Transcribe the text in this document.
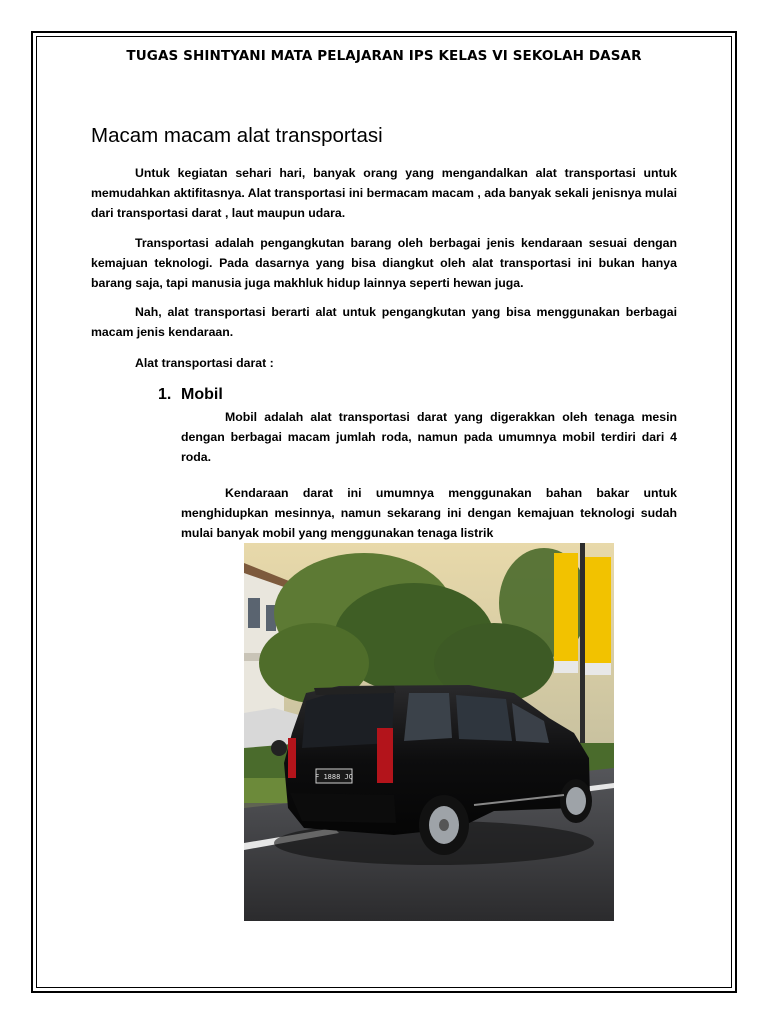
TUGAS SHINTYANI MATA PELAJARAN IPS KELAS VI SEKOLAH DASAR
Macam macam alat transportasi

Untuk kegiatan sehari hari, banyak orang yang mengandalkan alat transportasi untuk memudahkan aktifitasnya. Alat transportasi ini bermacam macam , ada banyak sekali jenisnya mulai dari transportasi darat , laut maupun udara.

Transportasi adalah pengangkutan barang oleh berbagai jenis kendaraan sesuai dengan kemajuan teknologi. Pada dasarnya yang bisa diangkut oleh alat transportasi ini bukan hanya barang saja, tapi manusia juga makhluk hidup lainnya seperti hewan juga.

Nah, alat transportasi berarti alat untuk pengangkutan yang bisa menggunakan berbagai macam jenis kendaraan.

Alat transportasi darat :

1. Mobil

Mobil adalah alat transportasi darat yang digerakkan oleh tenaga mesin dengan berbagai macam jumlah roda, namun pada umumnya mobil terdiri dari 4 roda.

Kendaraan darat ini umumnya menggunakan bahan bakar untuk menghidupkan mesinnya, namun sekarang ini dengan kemajuan teknologi sudah mulai banyak mobil yang menggunakan tenaga listrik

F 1888 JQ
